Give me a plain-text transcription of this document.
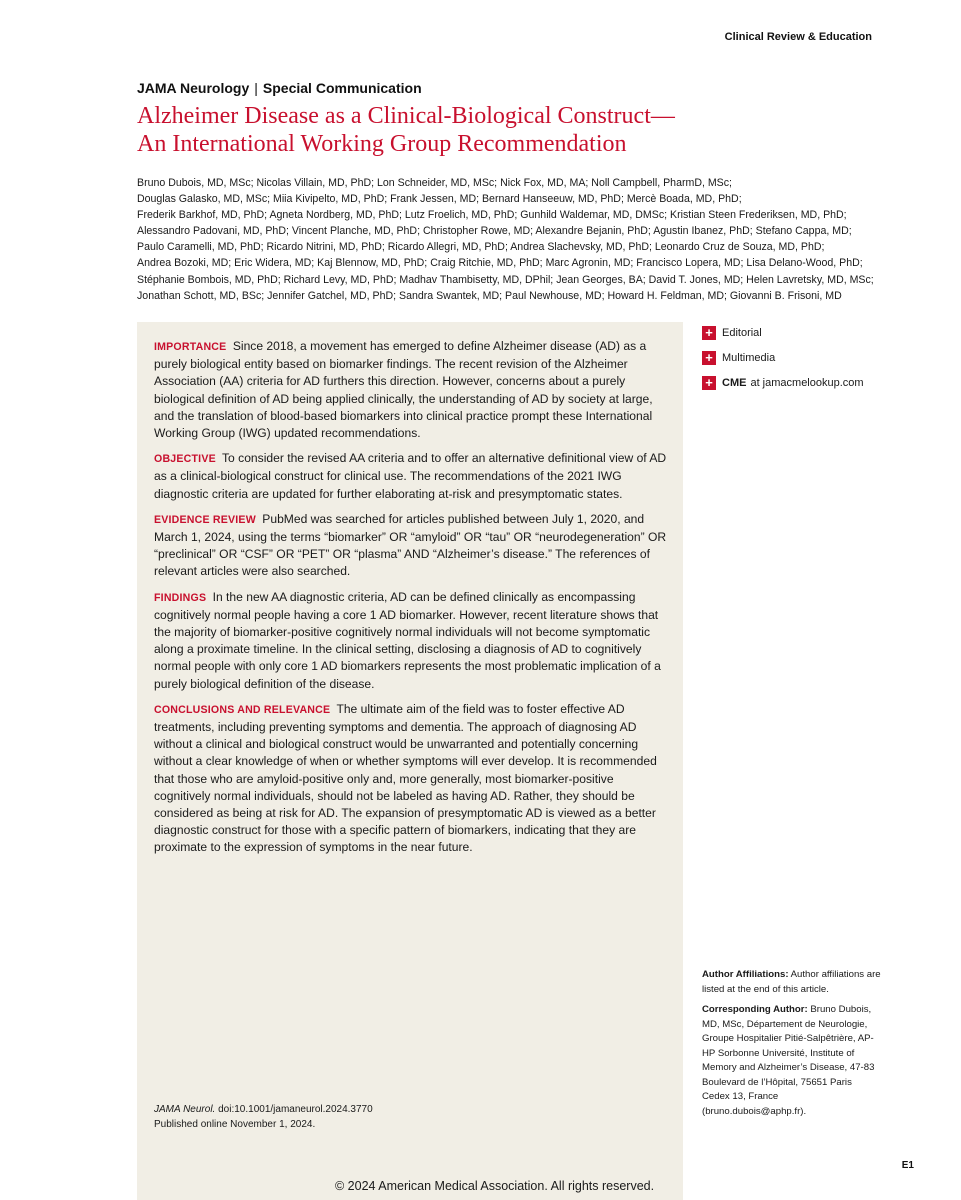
Clinical Review & Education
JAMA Neurology | Special Communication
Alzheimer Disease as a Clinical-Biological Construct—
An International Working Group Recommendation
Bruno Dubois, MD, MSc; Nicolas Villain, MD, PhD; Lon Schneider, MD, MSc; Nick Fox, MD, MA; Noll Campbell, PharmD, MSc;
Douglas Galasko, MD, MSc; Miia Kivipelto, MD, PhD; Frank Jessen, MD; Bernard Hanseeuw, MD, PhD; Mercè Boada, MD, PhD;
Frederik Barkhof, MD, PhD; Agneta Nordberg, MD, PhD; Lutz Froelich, MD, PhD; Gunhild Waldemar, MD, DMSc; Kristian Steen Frederiksen, MD, PhD;
Alessandro Padovani, MD, PhD; Vincent Planche, MD, PhD; Christopher Rowe, MD; Alexandre Bejanin, PhD; Agustin Ibanez, PhD; Stefano Cappa, MD;
Paulo Caramelli, MD, PhD; Ricardo Nitrini, MD, PhD; Ricardo Allegri, MD, PhD; Andrea Slachevsky, MD, PhD; Leonardo Cruz de Souza, MD, PhD;
Andrea Bozoki, MD; Eric Widera, MD; Kaj Blennow, MD, PhD; Craig Ritchie, MD, PhD; Marc Agronin, MD; Francisco Lopera, MD; Lisa Delano-Wood, PhD;
Stéphanie Bombois, MD, PhD; Richard Levy, MD, PhD; Madhav Thambisetty, MD, DPhil; Jean Georges, BA; David T. Jones, MD; Helen Lavretsky, MD, MSc;
Jonathan Schott, MD, BSc; Jennifer Gatchel, MD, PhD; Sandra Swantek, MD; Paul Newhouse, MD; Howard H. Feldman, MD; Giovanni B. Frisoni, MD

IMPORTANCE Since 2018, a movement has emerged to define Alzheimer disease (AD) as a purely biological entity based on biomarker findings. The recent revision of the Alzheimer Association (AA) criteria for AD furthers this direction. However, concerns about a purely biological definition of AD being applied clinically, the understanding of AD by society at large, and the translation of blood-based biomarkers into clinical practice prompt these International Working Group (IWG) updated recommendations.

OBJECTIVE To consider the revised AA criteria and to offer an alternative definitional view of AD as a clinical-biological construct for clinical use. The recommendations of the 2021 IWG diagnostic criteria are updated for further elaborating at-risk and presymptomatic states.

EVIDENCE REVIEW PubMed was searched for articles published between July 1, 2020, and March 1, 2024, using the terms “biomarker” OR “amyloid” OR “tau” OR “neurodegeneration” OR “preclinical” OR “CSF” OR “PET” OR “plasma” AND “Alzheimer’s disease.” The references of relevant articles were also searched.

FINDINGS In the new AA diagnostic criteria, AD can be defined clinically as encompassing cognitively normal people having a core 1 AD biomarker. However, recent literature shows that the majority of biomarker-positive cognitively normal individuals will not become symptomatic along a proximate timeline. In the clinical setting, disclosing a diagnosis of AD to cognitively normal people with only core 1 AD biomarkers represents the most problematic implication of a purely biological definition of the disease.

CONCLUSIONS AND RELEVANCE The ultimate aim of the field was to foster effective AD treatments, including preventing symptoms and dementia. The approach of diagnosing AD without a clinical and biological construct would be unwarranted and potentially concerning without a clear knowledge of when or whether symptoms will ever develop. It is recommended that those who are amyloid-positive only and, more generally, most biomarker-positive cognitively normal individuals, should not be labeled as having AD. Rather, they should be considered as being at risk for AD. The expansion of presymptomatic AD is viewed as a better diagnostic construct for those with a specific pattern of biomarkers, indicating that they are proximate to the expression of symptoms in the near future.

JAMA Neurol. doi:10.1001/jamaneurol.2024.3770
Published online November 1, 2024.
+ Editorial
+ Multimedia
+ CME at jamacmelookup.com

Author Affiliations: Author affiliations are listed at the end of this article.

Corresponding Author: Bruno Dubois, MD, MSc, Département de Neurologie, Groupe Hospitalier Pitié-Salpêtrière, AP-HP Sorbonne Université, Institute of Memory and Alzheimer’s Disease, 47-83 Boulevard de l’Hôpital, 75651 Paris Cedex 13, France (bruno.dubois@aphp.fr).

E1
© 2024 American Medical Association. All rights reserved.
